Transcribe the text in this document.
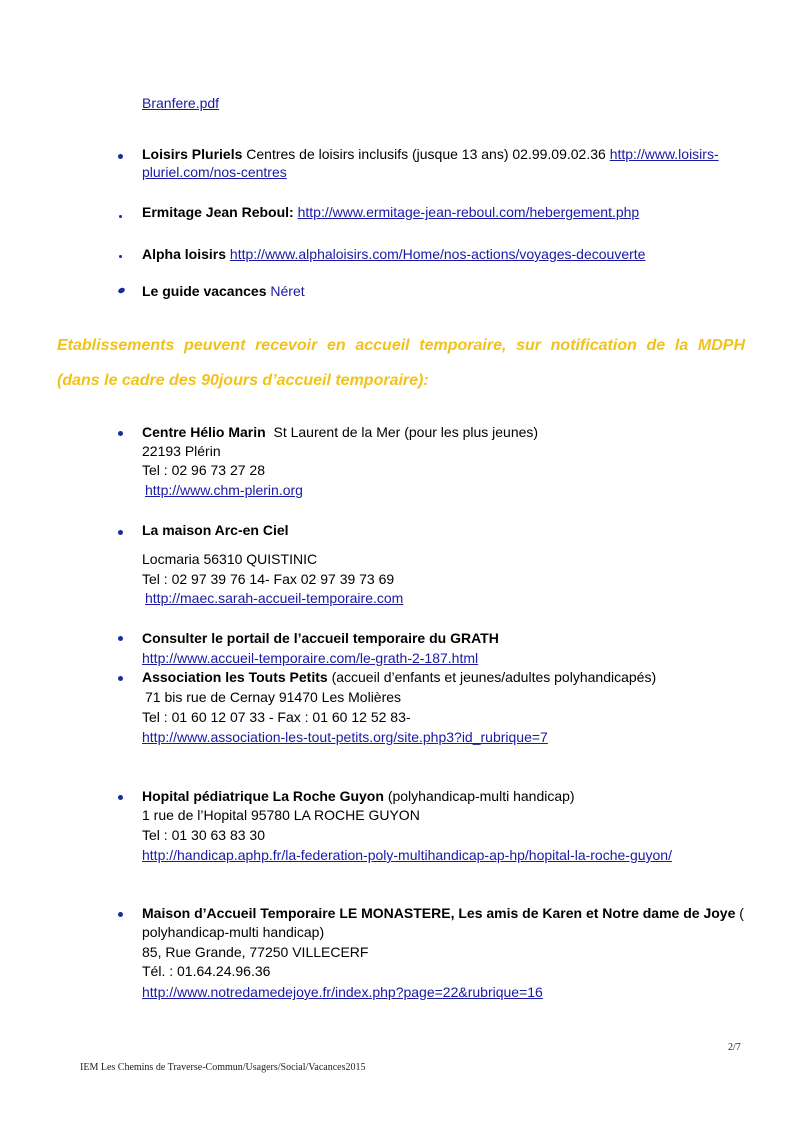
Branfere.pdf
Loisirs Pluriels Centres de loisirs inclusifs (jusque 13 ans) 02.99.09.02.36 http://www.loisirs-
pluriel.com/nos-centres
Ermitage Jean Reboul: http://www.ermitage-jean-reboul.com/hebergement.php
Alpha loisirs http://www.alphaloisirs.com/Home/nos-actions/voyages-decouverte
Le guide vacances Néret
Etablissements peuvent recevoir en accueil temporaire, sur notification de la MDPH
(dans le cadre des 90jours d’accueil temporaire):
Centre Hélio Marin St Laurent de la Mer (pour les plus jeunes)
22193 Plérin
Tel : 02 96 73 27 28
http://www.chm-plerin.org
La maison Arc-en Ciel
Locmaria 56310 QUISTINIC
Tel : 02 97 39 76 14- Fax 02 97 39 73 69
http://maec.sarah-accueil-temporaire.com
Consulter le portail de l’accueil temporaire du GRATH
http://www.accueil-temporaire.com/le-grath-2-187.html
Association les Touts Petits (accueil d’enfants et jeunes/adultes polyhandicapés)
71 bis rue de Cernay 91470 Les Molières
Tel : 01 60 12 07 33 - Fax : 01 60 12 52 83-
http://www.association-les-tout-petits.org/site.php3?id_rubrique=7
Hopital pédiatrique La Roche Guyon (polyhandicap-multi handicap)
1 rue de l’Hopital 95780 LA ROCHE GUYON
Tel : 01 30 63 83 30
http://handicap.aphp.fr/la-federation-poly-multihandicap-ap-hp/hopital-la-roche-guyon/
Maison d’Accueil Temporaire LE MONASTERE, Les amis de Karen et Notre dame de Joye (
polyhandicap-multi handicap)
85, Rue Grande, 77250 VILLECERF
Tél. : 01.64.24.96.36
http://www.notredamedejoye.fr/index.php?page=22&rubrique=16
2/7
IEM Les Chemins de Traverse-Commun/Usagers/Social/Vacances2015
